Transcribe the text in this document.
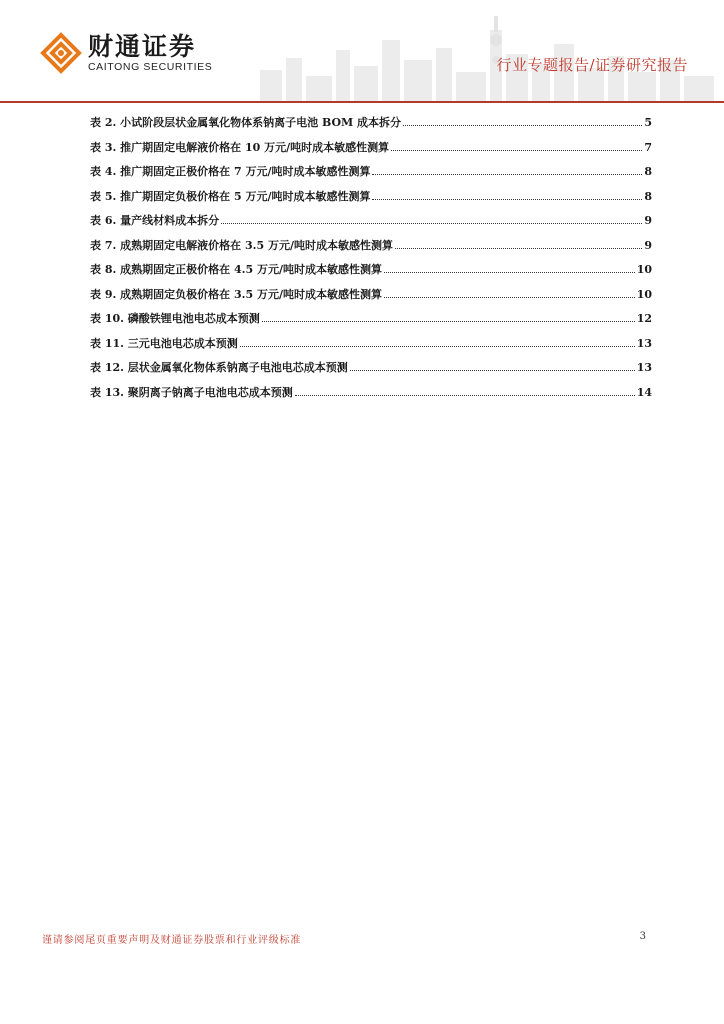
财通证券
CAITONG SECURITIES	行业专题报告/证券研究报告
表 2. 小试阶段层状金属氧化物体系钠离子电池 BOM 成本拆分	5
表 3. 推广期固定电解液价格在 10 万元/吨时成本敏感性测算	7
表 4. 推广期固定正极价格在 7 万元/吨时成本敏感性测算	8
表 5. 推广期固定负极价格在 5 万元/吨时成本敏感性测算	8
表 6. 量产线材料成本拆分	9
表 7. 成熟期固定电解液价格在 3.5 万元/吨时成本敏感性测算	9
表 8. 成熟期固定正极价格在 4.5 万元/吨时成本敏感性测算	10
表 9. 成熟期固定负极价格在 3.5 万元/吨时成本敏感性测算	10
表 10. 磷酸铁锂电池电芯成本预测	12
表 11. 三元电池电芯成本预测	13
表 12. 层状金属氧化物体系钠离子电池电芯成本预测	13
表 13. 聚阴离子钠离子电池电芯成本预测	14
谨请参阅尾页重要声明及财通证券股票和行业评级标准	3
